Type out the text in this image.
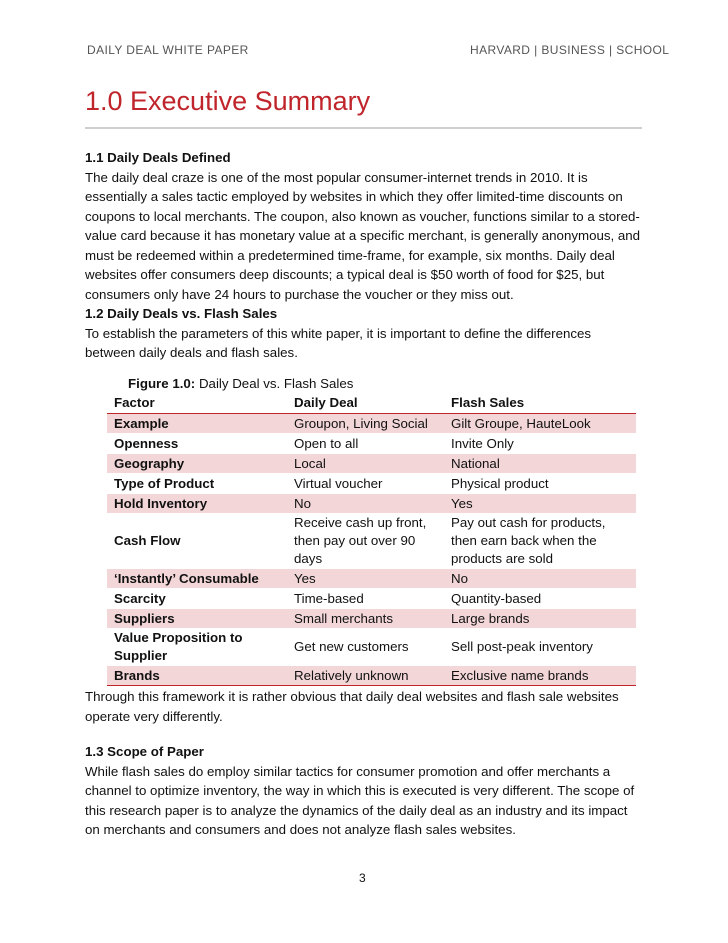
DAILY DEAL WHITE PAPER	HARVARD | BUSINESS | SCHOOL
1.0 Executive Summary

1.1 Daily Deals Defined
The daily deal craze is one of the most popular consumer-internet trends in 2010. It is essentially a sales tactic employed by websites in which they offer limited-time discounts on coupons to local merchants. The coupon, also known as voucher, functions similar to a stored-value card because it has monetary value at a specific merchant, is generally anonymous, and must be redeemed within a predetermined time-frame, for example, six months. Daily deal websites offer consumers deep discounts; a typical deal is $50 worth of food for $25, but consumers only have 24 hours to purchase the voucher or they miss out.

1.2 Daily Deals vs. Flash Sales
To establish the parameters of this white paper, it is important to define the differences between daily deals and flash sales.

Figure 1.0: Daily Deal vs. Flash Sales
Factor	Daily Deal	Flash Sales
Example	Groupon, Living Social	Gilt Groupe, HauteLook
Openness	Open to all	Invite Only
Geography	Local	National
Type of Product	Virtual voucher	Physical product
Hold Inventory	No	Yes
Cash Flow	Receive cash up front, then pay out over 90 days	Pay out cash for products, then earn back when the products are sold
‘Instantly’ Consumable	Yes	No
Scarcity	Time-based	Quantity-based
Suppliers	Small merchants	Large brands
Value Proposition to Supplier	Get new customers	Sell post-peak inventory
Brands	Relatively unknown	Exclusive name brands

Through this framework it is rather obvious that daily deal websites and flash sale websites operate very differently.

1.3 Scope of Paper
While flash sales do employ similar tactics for consumer promotion and offer merchants a channel to optimize inventory, the way in which this is executed is very different. The scope of this research paper is to analyze the dynamics of the daily deal as an industry and its impact on merchants and consumers and does not analyze flash sales websites.

3
